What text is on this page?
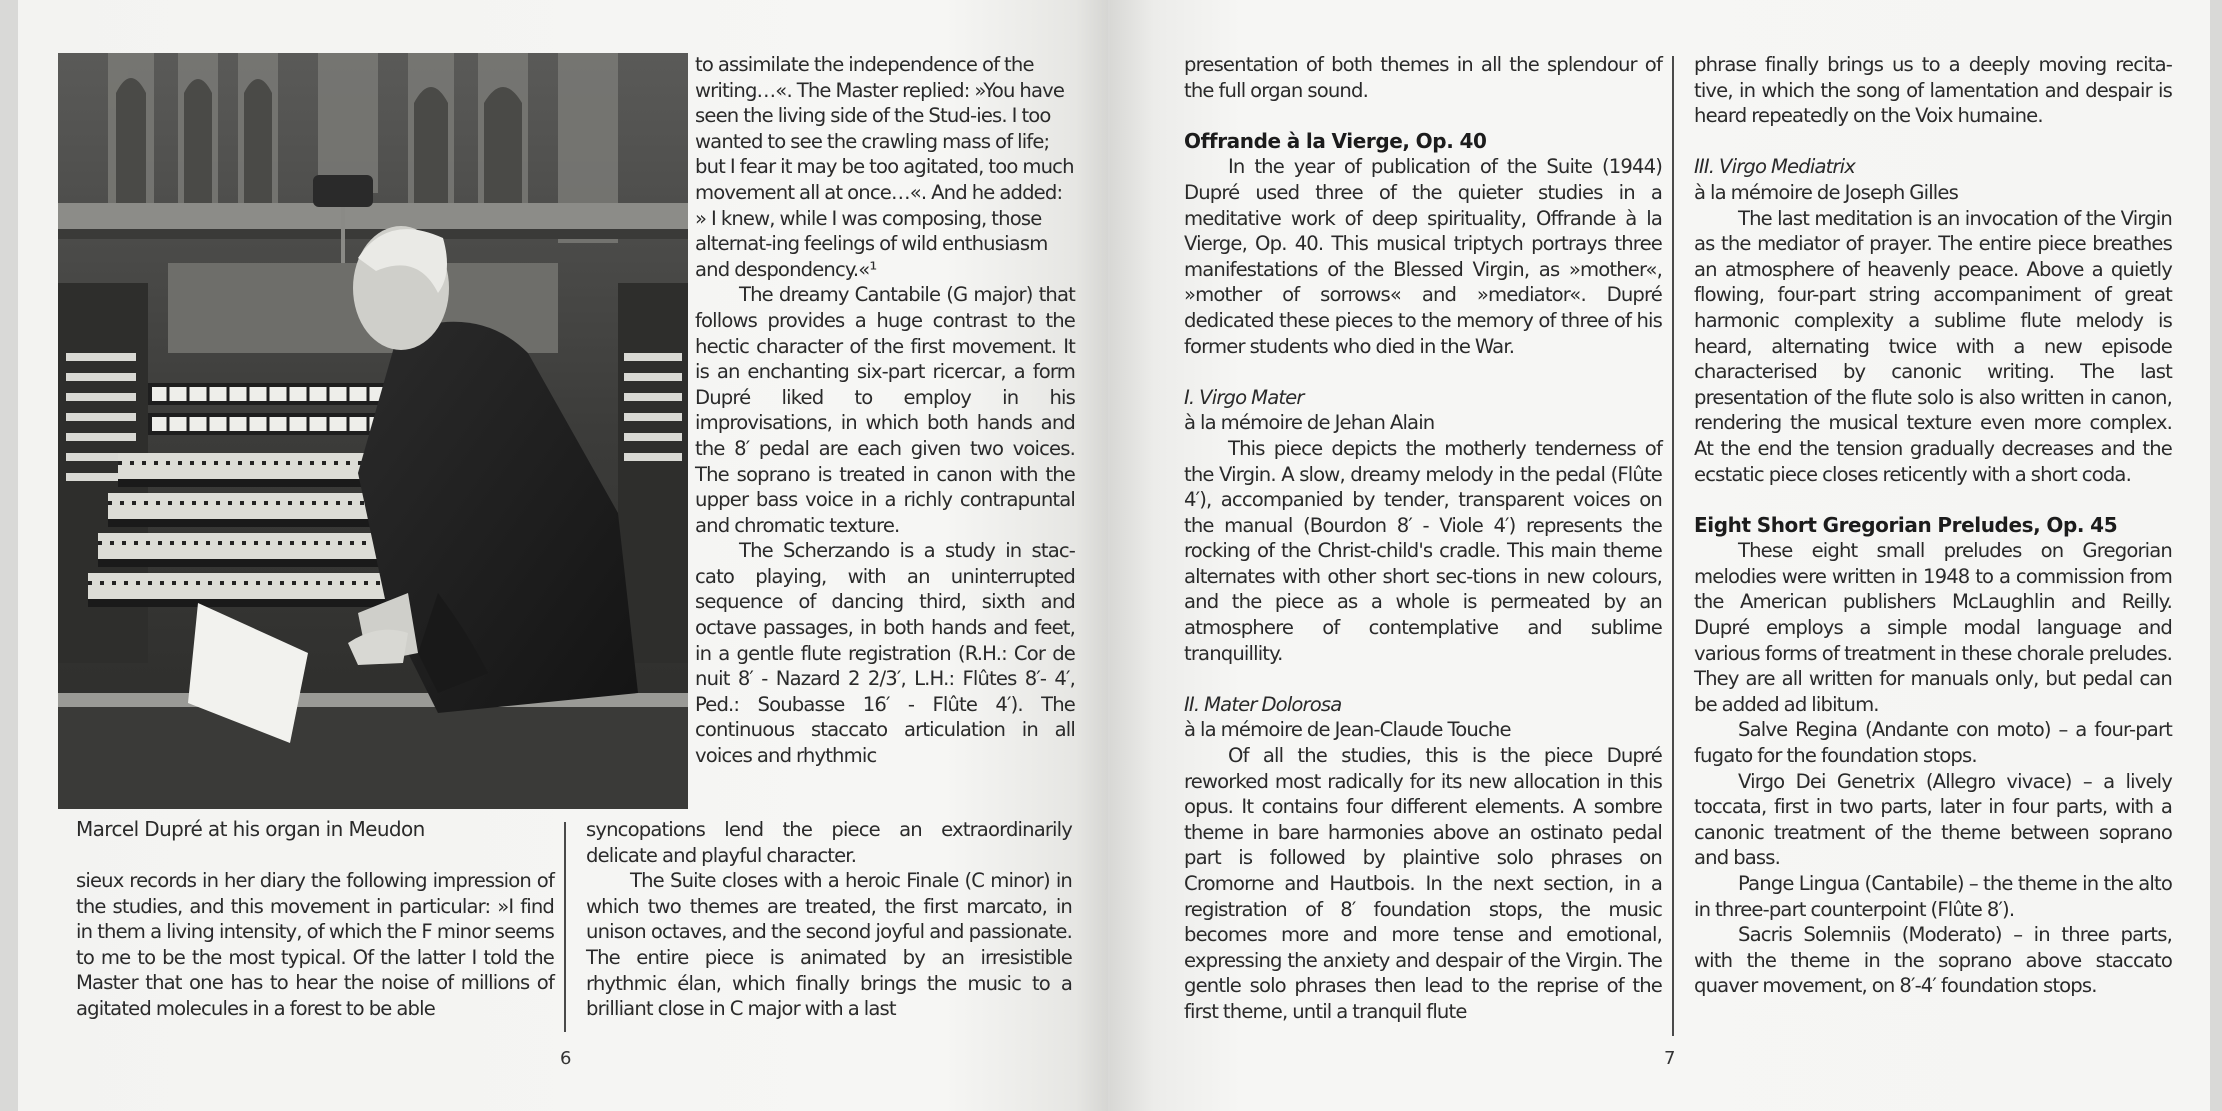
Marcel Dupré at his organ in Meudon

to assimilate the independence of the writing…«. The Master replied: »You have seen the living side of the Stud-ies. I too wanted to see the crawling mass of life; but I fear it may be too agitated, too much movement all at once…«. And he added: » I knew, while I was composing, those alternat-ing feelings of wild enthusiasm and despondency.«¹

The dreamy Cantabile (G major) that follows provides a huge contrast to the hectic character of the first movement. It is an enchanting six-part ricercar, a form Dupré liked to employ in his improvisations, in which both hands and the 8′ pedal are each given two voices. The soprano is treated in canon with the upper bass voice in a richly contrapuntal and chromatic texture.

The Scherzando is a study in stac-cato playing, with an uninterrupted sequence of dancing third, sixth and octave passages, in both hands and feet, in a gentle flute registration (R.H.: Cor de nuit 8′ - Nazard 2 2/3′, L.H.: Flûtes 8′- 4′, Ped.: Soubasse 16′ - Flûte 4′). The continuous staccato articulation in all voices and rhythmic

sieux records in her diary the following impression of the studies, and this movement in particular: »I find in them a living intensity, of which the F minor seems to me to be the most typical. Of the latter I told the Master that one has to hear the noise of millions of agitated molecules in a forest to be able

syncopations lend the piece an extraordinarily delicate and playful character.

The Suite closes with a heroic Finale (C minor) in which two themes are treated, the first marcato, in unison octaves, and the second joyful and passionate. The entire piece is animated by an irresistible rhythmic élan, which finally brings the music to a brilliant close in C major with a last

6

presentation of both themes in all the splendour of the full organ sound.

Offrande à la Vierge, Op. 40

In the year of publication of the Suite (1944) Dupré used three of the quieter studies in a meditative work of deep spirituality, Offrande à la Vierge, Op. 40. This musical triptych portrays three manifestations of the Blessed Virgin, as »mother«, »mother of sorrows« and »mediator«. Dupré dedicated these pieces to the memory of three of his former students who died in the War.

I. Virgo Mater

à la mémoire de Jehan Alain

This piece depicts the motherly tenderness of the Virgin. A slow, dreamy melody in the pedal (Flûte 4′), accompanied by tender, transparent voices on the manual (Bourdon 8′ - Viole 4′) represents the rocking of the Christ-child's cradle. This main theme alternates with other short sec-tions in new colours, and the piece as a whole is permeated by an atmosphere of contemplative and sublime tranquillity.

II. Mater Dolorosa

à la mémoire de Jean-Claude Touche

Of all the studies, this is the piece Dupré reworked most radically for its new allocation in this opus. It contains four different elements. A sombre theme in bare harmonies above an ostinato pedal part is followed by plaintive solo phrases on Cromorne and Hautbois. In the next section, in a registration of 8′ foundation stops, the music becomes more and more tense and emotional, expressing the anxiety and despair of the Virgin. The gentle solo phrases then lead to the reprise of the first theme, until a tranquil flute

phrase finally brings us to a deeply moving recita-tive, in which the song of lamentation and despair is heard repeatedly on the Voix humaine.

III. Virgo Mediatrix

à la mémoire de Joseph Gilles

The last meditation is an invocation of the Virgin as the mediator of prayer. The entire piece breathes an atmosphere of heavenly peace. Above a quietly flowing, four-part string accompaniment of great harmonic complexity a sublime flute melody is heard, alternating twice with a new episode characterised by canonic writing. The last presentation of the flute solo is also written in canon, rendering the musical texture even more complex. At the end the tension gradually decreases and the ecstatic piece closes reticently with a short coda.

Eight Short Gregorian Preludes, Op. 45

These eight small preludes on Gregorian melodies were written in 1948 to a commission from the American publishers McLaughlin and Reilly. Dupré employs a simple modal language and various forms of treatment in these chorale preludes. They are all written for manuals only, but pedal can be added ad libitum.

Salve Regina (Andante con moto) – a four-part fugato for the foundation stops.

Virgo Dei Genetrix (Allegro vivace) – a lively toccata, first in two parts, later in four parts, with a canonic treatment of the theme between soprano and bass.

Pange Lingua (Cantabile) – the theme in the alto in three-part counterpoint (Flûte 8′).

Sacris Solemniis (Moderato) – in three parts, with the theme in the soprano above staccato quaver movement, on 8′-4′ foundation stops.

7
